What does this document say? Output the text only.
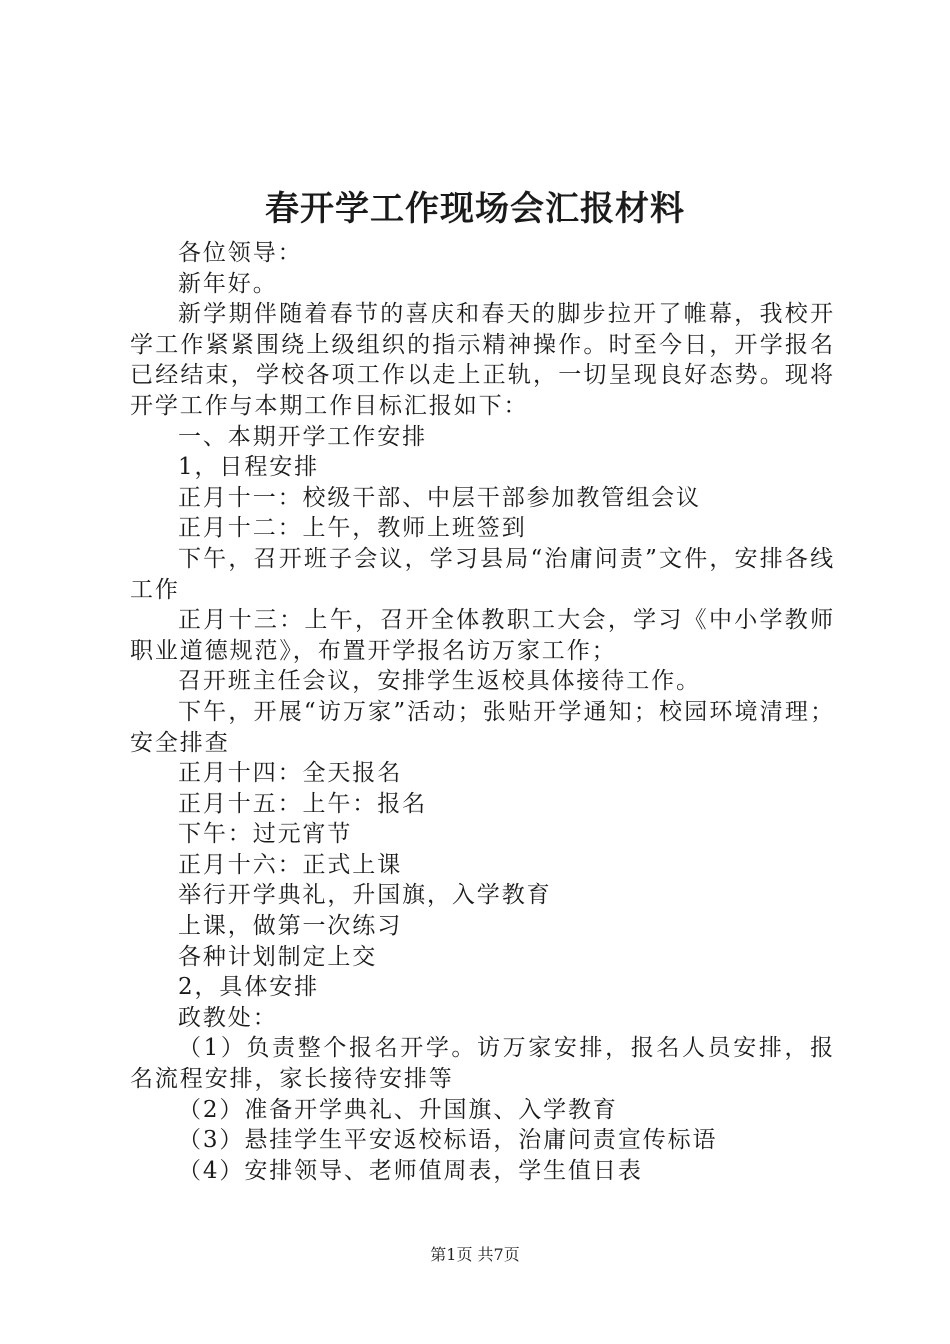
春开学工作现场会汇报材料

各位领导：

新年好。

新学期伴随着春节的喜庆和春天的脚步拉开了帷幕，我校开学工作紧紧围绕上级组织的指示精神操作。时至今日，开学报名已经结束，学校各项工作以走上正轨，一切呈现良好态势。现将开学工作与本期工作目标汇报如下：

一、本期开学工作安排

1，日程安排

正月十一：校级干部、中层干部参加教管组会议

正月十二：上午，教师上班签到

下午，召开班子会议，学习县局“治庸问责”文件，安排各线工作

正月十三：上午，召开全体教职工大会，学习《中小学教师职业道德规范》，布置开学报名访万家工作；

召开班主任会议，安排学生返校具体接待工作。

下午，开展“访万家”活动；张贴开学通知；校园环境清理；安全排查

正月十四：全天报名

正月十五：上午：报名

下午：过元宵节

正月十六：正式上课

举行开学典礼，升国旗，入学教育

上课，做第一次练习

各种计划制定上交

2，具体安排

政教处：

（1）负责整个报名开学。访万家安排，报名人员安排，报名流程安排，家长接待安排等

（2）准备开学典礼、升国旗、入学教育

（3）悬挂学生平安返校标语，治庸问责宣传标语

（4）安排领导、老师值周表，学生值日表

第1页 共7页
